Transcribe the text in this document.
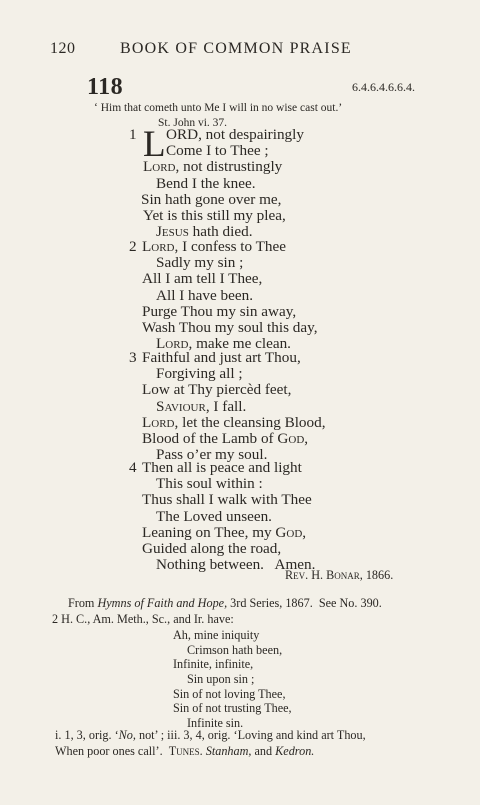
120	BOOK OF COMMON PRAISE
118	6.4.6.4.6.6.4.
‘ Him that cometh unto Me I will in no wise cast out.’
St. John vi. 37.
L
1 ORD, not despairingly
Come I to Thee ;
Lord, not distrustingly
Bend I the knee.
Sin hath gone over me,
Yet is this still my plea,
Jesus hath died.
2 Lord, I confess to Thee
Sadly my sin ;
All I am tell I Thee,
All I have been.
Purge Thou my sin away,
Wash Thou my soul this day,
Lord, make me clean.
3 Faithful and just art Thou,
Forgiving all ;
Low at Thy piercèd feet,
Saviour, I fall.
Lord, let the cleansing Blood,
Blood of the Lamb of God,
Pass o’er my soul.
4 Then all is peace and light
This soul within :
Thus shall I walk with Thee
The Loved unseen.
Leaning on Thee, my God,
Guided along the road,
Nothing between.   Amen.
Rev. H. Bonar, 1866.
From Hymns of Faith and Hope, 3rd Series, 1867.  See No. 390.
2 H. C., Am. Meth., Sc., and Ir. have:
Ah, mine iniquity
Crimson hath been,
Infinite, infinite,
Sin upon sin ;
Sin of not loving Thee,
Sin of not trusting Thee,
Infinite sin.
i. 1, 3, orig. ‘No, not’ ; iii. 3, 4, orig. ‘Loving and kind art Thou,
When poor ones call’.  Tunes. Stanham, and Kedron.
